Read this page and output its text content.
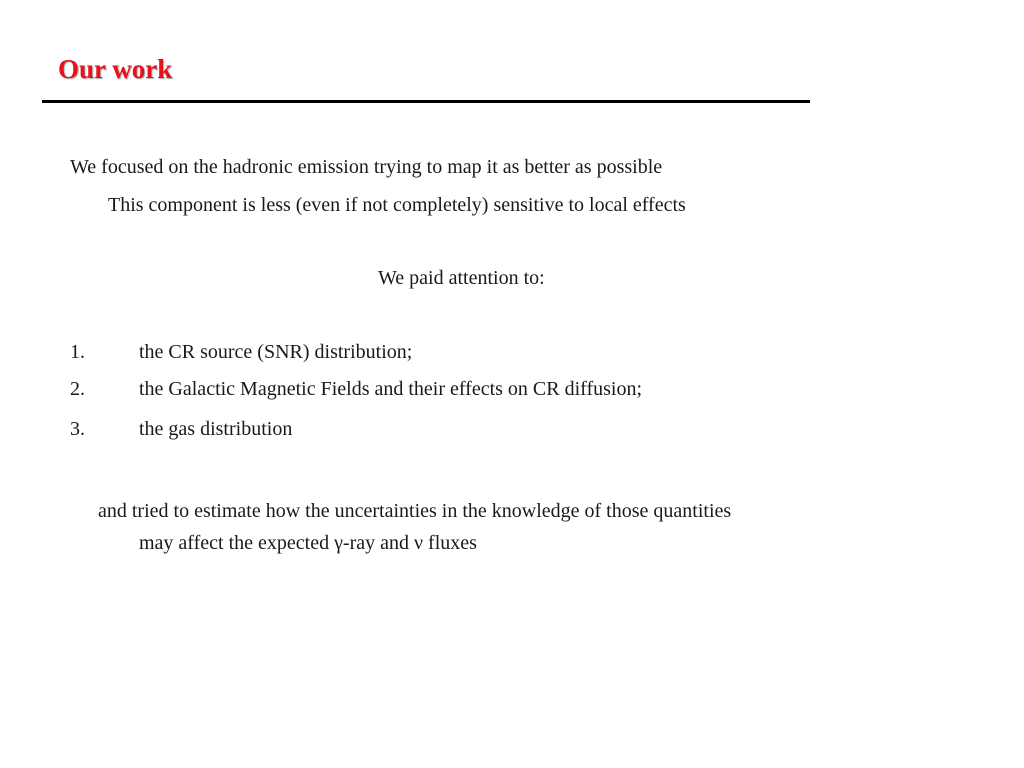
Our work
We focused on the hadronic emission trying to map it as better as possible
This component is less (even if not completely) sensitive to local effects
We paid attention to:
1.	the CR source (SNR) distribution;
2.	the Galactic Magnetic Fields and their effects on CR diffusion;
3.	the gas distribution
and tried to estimate how the uncertainties in the knowledge of those quantities
may affect the expected γ-ray and ν fluxes
